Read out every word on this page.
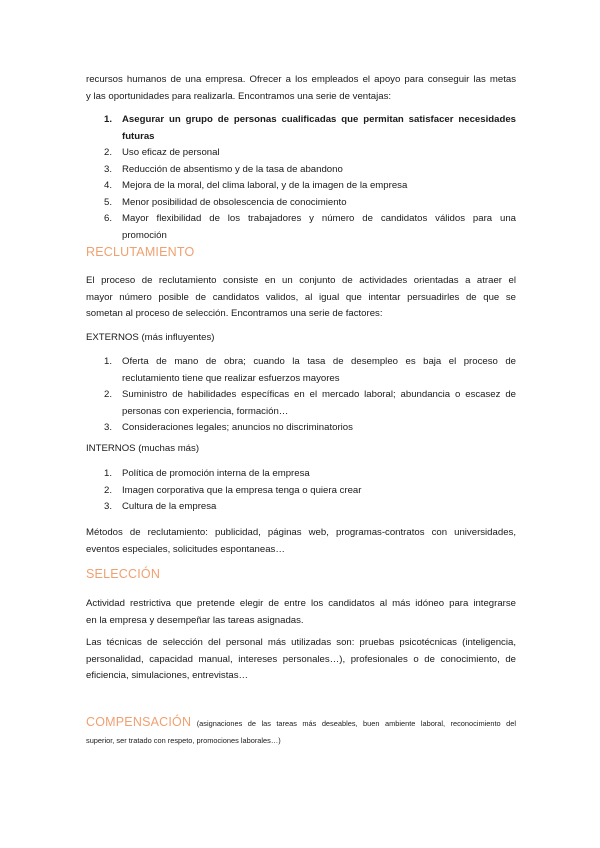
recursos humanos de una empresa. Ofrecer a los empleados el apoyo para conseguir las metas
y las oportunidades para realizarla. Encontramos una serie de ventajas:
1.	Asegurar un grupo de personas cualificadas que permitan satisfacer necesidades
futuras
2.	Uso eficaz de personal
3.	Reducción de absentismo y de la tasa de abandono
4.	Mejora de la moral, del clima laboral, y de la imagen de la empresa
5.	Menor posibilidad de obsolescencia de conocimiento
6.	Mayor flexibilidad de los trabajadores y número de candidatos válidos para una
promoción
RECLUTAMIENTO
El proceso de reclutamiento consiste en un conjunto de actividades orientadas a atraer el
mayor número posible de candidatos validos, al igual que intentar persuadirles de que se
sometan al proceso de selección. Encontramos una serie de factores:
EXTERNOS (más influyentes)
1.	Oferta de mano de obra; cuando la tasa de desempleo es baja el proceso de
reclutamiento tiene que realizar esfuerzos mayores
2.	Suministro de habilidades específicas en el mercado laboral; abundancia o escasez de
personas con experiencia, formación…
3.	Consideraciones legales; anuncios no discriminatorios
INTERNOS (muchas más)
1.	Política de promoción interna de la empresa
2.	Imagen corporativa que la empresa tenga o quiera crear
3.	Cultura de la empresa
Métodos de reclutamiento: publicidad, páginas web, programas-contratos con universidades,
eventos especiales, solicitudes espontaneas…
SELECCIÓN
Actividad restrictiva que pretende elegir de entre los candidatos al más idóneo para integrarse
en la empresa y desempeñar las tareas asignadas.
Las técnicas de selección del personal más utilizadas son: pruebas psicotécnicas (inteligencia,
personalidad, capacidad manual, intereses personales…), profesionales o de conocimiento, de
eficiencia, simulaciones, entrevistas…
COMPENSACIÓN (asignaciones de las tareas más deseables, buen ambiente laboral, reconocimiento del
superior, ser tratado con respeto, promociones laborales…)
